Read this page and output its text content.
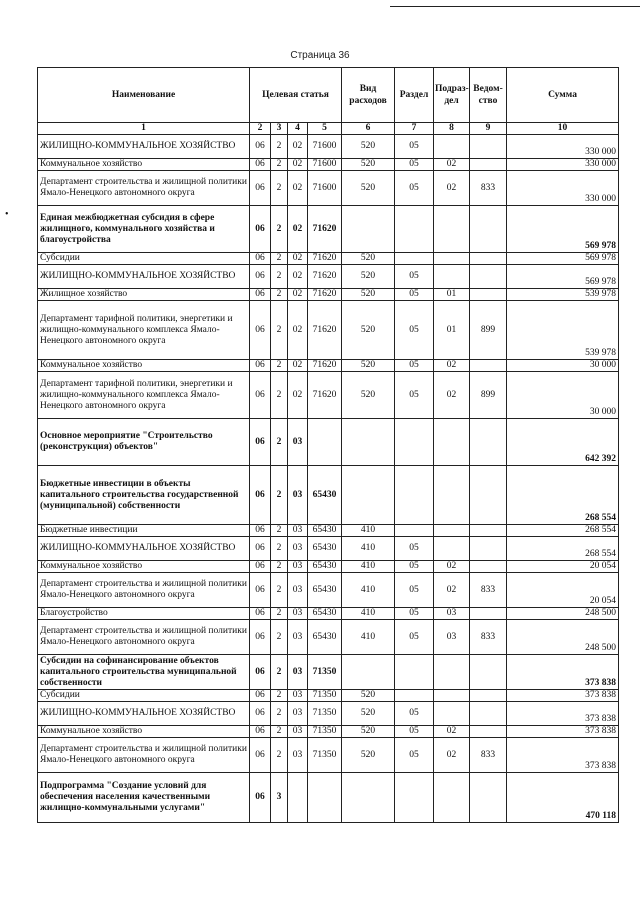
Страница 36
•
Наименование	Целевая статья				Вид расходов	Раздел	Подраз-дел	Ведом-ство	Сумма
1	2	3	4	5	6	7	8	9	10
ЖИЛИЩНО-КОММУНАЛЬНОЕ ХОЗЯЙСТВО	06	2	02	71600	520	05			330 000
Коммунальное хозяйство	06	2	02	71600	520	05	02		330 000
Департамент строительства и жилищной политики Ямало-Ненецкого автономного округа	06	2	02	71600	520	05	02	833	330 000
Единая межбюджетная субсидия в сфере жилищного, коммунального хозяйства и благоустройства	06	2	02	71620					569 978
Субсидии	06	2	02	71620	520				569 978
ЖИЛИЩНО-КОММУНАЛЬНОЕ ХОЗЯЙСТВО	06	2	02	71620	520	05			569 978
Жилищное хозяйство	06	2	02	71620	520	05	01		539 978
Департамент тарифной политики, энергетики и жилищно-коммунального комплекса Ямало-Ненецкого автономного округа	06	2	02	71620	520	05	01	899	539 978
Коммунальное хозяйство	06	2	02	71620	520	05	02		30 000
Департамент тарифной политики, энергетики и жилищно-коммунального комплекса Ямало-Ненецкого автономного округа	06	2	02	71620	520	05	02	899	30 000
Основное мероприятие "Строительство (реконструкция) объектов"	06	2	03						642 392
Бюджетные инвестиции в объекты капитального строительства государственной (муниципальной) собственности	06	2	03	65430					268 554
Бюджетные инвестиции	06	2	03	65430	410				268 554
ЖИЛИЩНО-КОММУНАЛЬНОЕ ХОЗЯЙСТВО	06	2	03	65430	410	05			268 554
Коммунальное хозяйство	06	2	03	65430	410	05	02		20 054
Департамент строительства и жилищной политики Ямало-Ненецкого автономного округа	06	2	03	65430	410	05	02	833	20 054
Благоустройство	06	2	03	65430	410	05	03		248 500
Департамент строительства и жилищной политики Ямало-Ненецкого автономного округа	06	2	03	65430	410	05	03	833	248 500
Субсидии на софинансирование объектов капитального строительства муниципальной собственности	06	2	03	71350					373 838
Субсидии	06	2	03	71350	520				373 838
ЖИЛИЩНО-КОММУНАЛЬНОЕ ХОЗЯЙСТВО	06	2	03	71350	520	05			373 838
Коммунальное хозяйство	06	2	03	71350	520	05	02		373 838
Департамент строительства и жилищной политики Ямало-Ненецкого автономного округа	06	2	03	71350	520	05	02	833	373 838
Подпрограмма "Создание условий для обеспечения населения качественными жилищно-коммунальными услугами"	06	3							470 118
